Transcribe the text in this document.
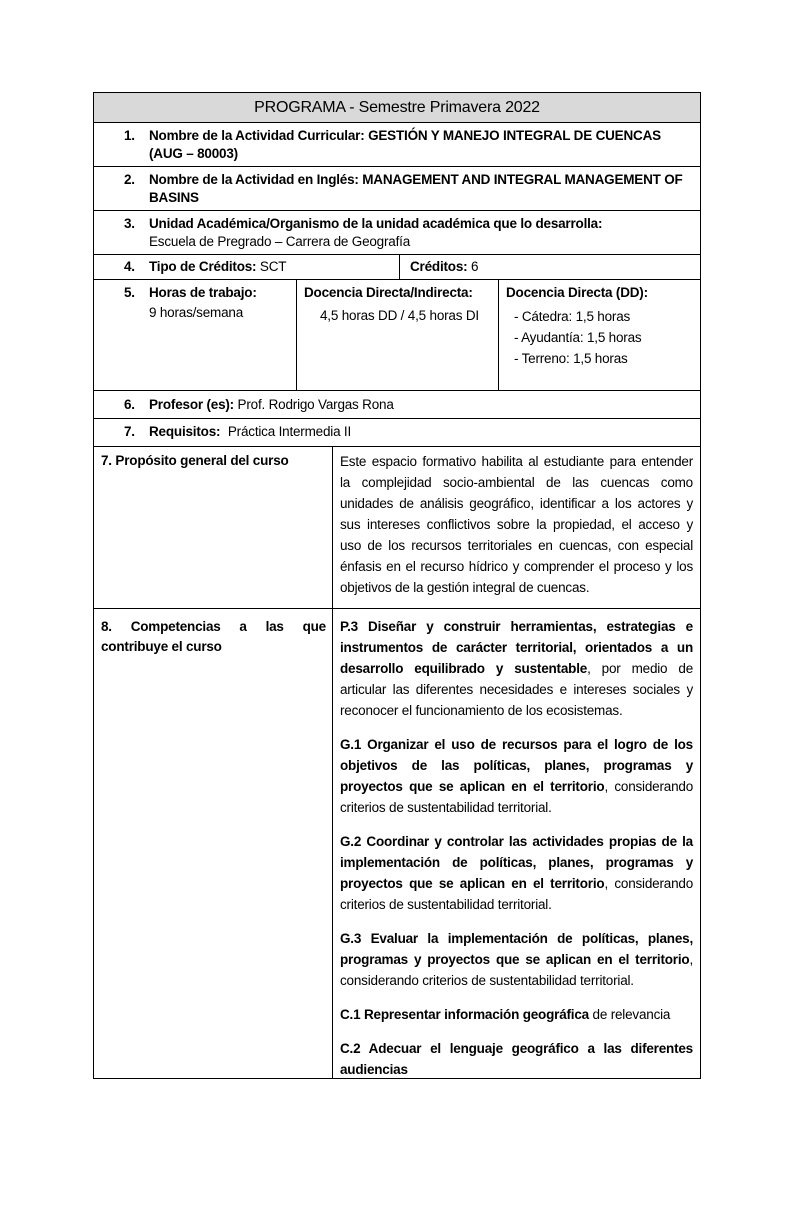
PROGRAMA - Semestre Primavera 2022
1. Nombre de la Actividad Curricular: GESTIÓN Y MANEJO INTEGRAL DE CUENCAS (AUG – 80003)
2. Nombre de la Actividad en Inglés: MANAGEMENT AND INTEGRAL MANAGEMENT OF BASINS
3. Unidad Académica/Organismo de la unidad académica que lo desarrolla:
Escuela de Pregrado – Carrera de Geografía
4. Tipo de Créditos: SCT	Créditos: 6
5. Horas de trabajo:
9 horas/semana
Docencia Directa/Indirecta:
4,5 horas DD / 4,5 horas DI
Docencia Directa (DD):
- Cátedra: 1,5 horas
- Ayudantía: 1,5 horas
- Terreno: 1,5 horas
6. Profesor (es): Prof. Rodrigo Vargas Rona
7. Requisitos: Práctica Intermedia II
7. Propósito general del curso	Este espacio formativo habilita al estudiante para entender la complejidad socio-ambiental de las cuencas como unidades de análisis geográfico, identificar a los actores y sus intereses conflictivos sobre la propiedad, el acceso y uso de los recursos territoriales en cuencas, con especial énfasis en el recurso hídrico y comprender el proceso y los objetivos de la gestión integral de cuencas.
8. Competencias a las que
contribuye el curso

P.3 Diseñar y construir herramientas, estrategias e instrumentos de carácter territorial, orientados a un desarrollo equilibrado y sustentable, por medio de articular las diferentes necesidades e intereses sociales y reconocer el funcionamiento de los ecosistemas.

G.1 Organizar el uso de recursos para el logro de los objetivos de las políticas, planes, programas y proyectos que se aplican en el territorio, considerando criterios de sustentabilidad territorial.

G.2 Coordinar y controlar las actividades propias de la implementación de políticas, planes, programas y proyectos que se aplican en el territorio, considerando criterios de sustentabilidad territorial.

G.3 Evaluar la implementación de políticas, planes, programas y proyectos que se aplican en el territorio, considerando criterios de sustentabilidad territorial.

C.1 Representar información geográfica de relevancia

C.2 Adecuar el lenguaje geográfico a las diferentes audiencias
